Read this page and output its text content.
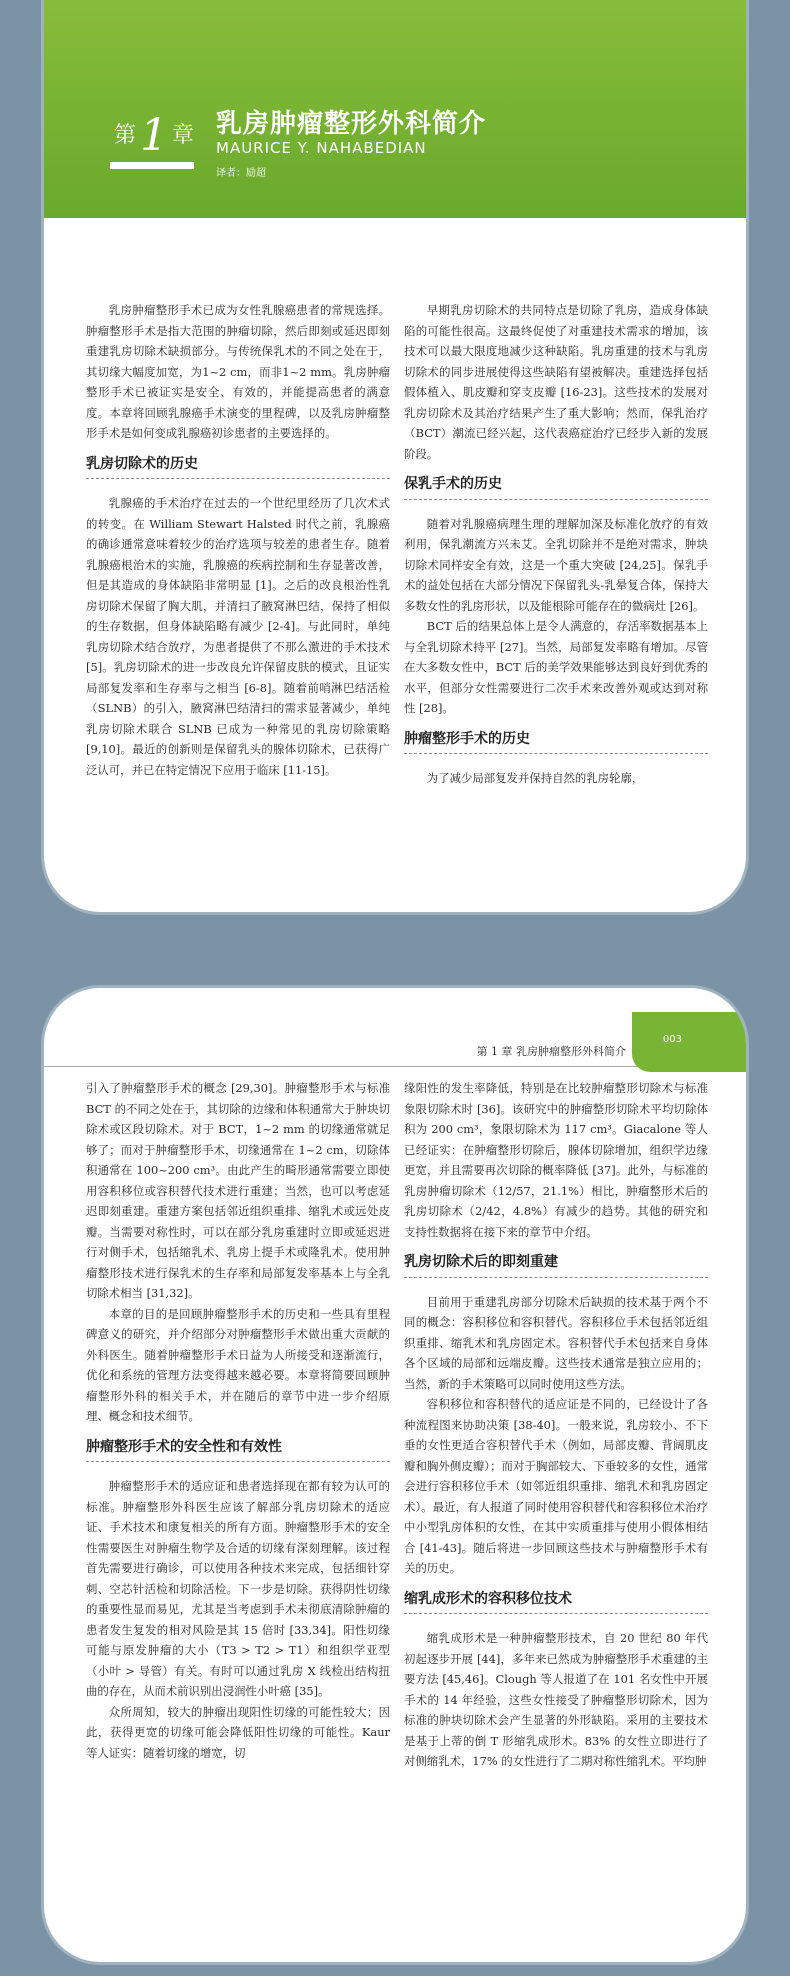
第1 章 乳房肿瘤整形外科简介
MAURICE Y. NAHABEDIAN
译者：励超

乳房肿瘤整形手术已成为女性乳腺癌患者的常规选择。肿瘤整形手术是指大范围的肿瘤切除，然后即刻或延迟即刻重建乳房切除术缺损部分。与传统保乳术的不同之处在于，其切缘大幅度加宽，为1~2 cm，而非1~2 mm。乳房肿瘤整形手术已被证实是安全、有效的，并能提高患者的满意度。本章将回顾乳腺癌手术演变的里程碑，以及乳房肿瘤整形手术是如何变成乳腺癌初诊患者的主要选择的。

乳房切除术的历史

乳腺癌的手术治疗在过去的一个世纪里经历了几次术式的转变。在 William Stewart Halsted 时代之前，乳腺癌的确诊通常意味着较少的治疗选项与较差的患者生存。随着乳腺癌根治术的实施，乳腺癌的疾病控制和生存显著改善，但是其造成的身体缺陷非常明显 [1]。之后的改良根治性乳房切除术保留了胸大肌，并清扫了腋窝淋巴结，保持了相似的生存数据，但身体缺陷略有减少 [2-4]。与此同时，单纯乳房切除术结合放疗，为患者提供了不那么激进的手术技术 [5]。乳房切除术的进一步改良允许保留皮肤的模式，且证实局部复发率和生存率与之相当 [6-8]。随着前哨淋巴结活检（SLNB）的引入，腋窝淋巴结清扫的需求显著减少，单纯乳房切除术联合 SLNB 已成为一种常见的乳房切除策略 [9,10]。最近的创新则是保留乳头的腺体切除术，已获得广泛认可，并已在特定情况下应用于临床 [11-15]。

早期乳房切除术的共同特点是切除了乳房，造成身体缺陷的可能性很高。这最终促使了对重建技术需求的增加，该技术可以最大限度地减少这种缺陷。乳房重建的技术与乳房切除术的同步进展使得这些缺陷有望被解决。重建选择包括假体植入、肌皮瓣和穿支皮瓣 [16-23]。这些技术的发展对乳房切除术及其治疗结果产生了重大影响；然而，保乳治疗（BCT）潮流已经兴起，这代表癌症治疗已经步入新的发展阶段。

保乳手术的历史

随着对乳腺癌病理生理的理解加深及标准化放疗的有效利用，保乳潮流方兴未艾。全乳切除并不是绝对需求，肿块切除术同样安全有效，这是一个重大突破 [24,25]。保乳手术的益处包括在大部分情况下保留乳头-乳晕复合体，保持大多数女性的乳房形状，以及能根除可能存在的微病灶 [26]。

BCT 后的结果总体上是令人满意的，存活率数据基本上与全乳切除术持平 [27]。当然，局部复发率略有增加。尽管在大多数女性中，BCT 后的美学效果能够达到良好到优秀的水平，但部分女性需要进行二次手术来改善外观或达到对称性 [28]。

肿瘤整形手术的历史

为了减少局部复发并保持自然的乳房轮廓，

第 1 章 乳房肿瘤整形外科简介
003

引入了肿瘤整形手术的概念 [29,30]。肿瘤整形手术与标准 BCT 的不同之处在于，其切除的边缘和体积通常大于肿块切除术或区段切除术。对于 BCT，1~2 mm 的切缘通常就足够了；而对于肿瘤整形手术，切缘通常在 1~2 cm，切除体积通常在 100~200 cm³。由此产生的畸形通常需要立即使用容积移位或容积替代技术进行重建；当然，也可以考虑延迟即刻重建。重建方案包括邻近组织重排、缩乳术或远处皮瓣。当需要对称性时，可以在部分乳房重建时立即或延迟进行对侧手术，包括缩乳术、乳房上提手术或隆乳术。使用肿瘤整形技术进行保乳术的生存率和局部复发率基本上与全乳切除术相当 [31,32]。

本章的目的是回顾肿瘤整形手术的历史和一些具有里程碑意义的研究，并介绍部分对肿瘤整形手术做出重大贡献的外科医生。随着肿瘤整形手术日益为人所接受和逐渐流行，优化和系统的管理方法变得越来越必要。本章将简要回顾肿瘤整形外科的相关手术，并在随后的章节中进一步介绍原理、概念和技术细节。

肿瘤整形手术的安全性和有效性

肿瘤整形手术的适应证和患者选择现在都有较为认可的标准。肿瘤整形外科医生应该了解部分乳房切除术的适应证、手术技术和康复相关的所有方面。肿瘤整形手术的安全性需要医生对肿瘤生物学及合适的切缘有深刻理解。该过程首先需要进行确诊，可以使用各种技术来完成，包括细针穿刺、空芯针活检和切除活检。下一步是切除。获得阴性切缘的重要性显而易见，尤其是当考虑到手术未彻底清除肿瘤的患者发生复发的相对风险是其 15 倍时 [33,34]。阳性切缘可能与原发肿瘤的大小（T3 > T2 > T1）和组织学亚型（小叶 > 导管）有关。有时可以通过乳房 X 线检出结构扭曲的存在，从而术前识别出浸润性小叶癌 [35]。

众所周知，较大的肿瘤出现阳性切缘的可能性较大；因此，获得更宽的切缘可能会降低阳性切缘的可能性。Kaur 等人证实：随着切缘的增宽，切

缘阳性的发生率降低，特别是在比较肿瘤整形切除术与标准象限切除术时 [36]。该研究中的肿瘤整形切除术平均切除体积为 200 cm³，象限切除术为 117 cm³。Giacalone 等人已经证实：在肿瘤整形切除后，腺体切除增加，组织学边缘更宽，并且需要再次切除的概率降低 [37]。此外，与标准的乳房肿瘤切除术（12/57，21.1%）相比，肿瘤整形术后的乳房切除术（2/42，4.8%）有减少的趋势。其他的研究和支持性数据将在接下来的章节中介绍。

乳房切除术后的即刻重建

目前用于重建乳房部分切除术后缺损的技术基于两个不同的概念：容积移位和容积替代。容积移位手术包括邻近组织重排、缩乳术和乳房固定术。容积替代手术包括来自身体各个区域的局部和远端皮瓣。这些技术通常是独立应用的；当然，新的手术策略可以同时使用这些方法。

容积移位和容积替代的适应证是不同的，已经设计了各种流程图来协助决策 [38-40]。一般来说，乳房较小、不下垂的女性更适合容积替代手术（例如，局部皮瓣、背阔肌皮瓣和胸外侧皮瓣）；而对于胸部较大、下垂较多的女性，通常会进行容积移位手术（如邻近组织重排、缩乳术和乳房固定术）。最近，有人报道了同时使用容积替代和容积移位术治疗中小型乳房体积的女性，在其中实质重排与使用小假体相结合 [41-43]。随后将进一步回顾这些技术与肿瘤整形手术有关的历史。

缩乳成形术的容积移位技术

缩乳成形术是一种肿瘤整形技术，自 20 世纪 80 年代初起逐步开展 [44]，多年来已然成为肿瘤整形手术重建的主要方法 [45,46]。Clough 等人报道了在 101 名女性中开展手术的 14 年经验，这些女性接受了肿瘤整形切除术，因为标准的肿块切除术会产生显著的外形缺陷。采用的主要技术是基于上蒂的倒 T 形缩乳成形术。83% 的女性立即进行了对侧缩乳术，17% 的女性进行了二期对称性缩乳术。平均肿
